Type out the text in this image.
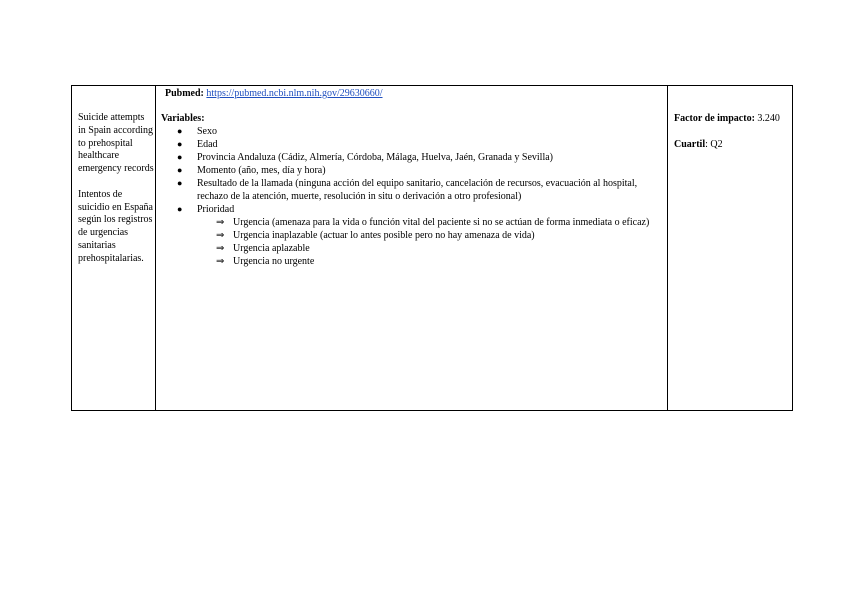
Suicide attempts in Spain according to prehospital healthcare emergency records

Intentos de suicidio en España según los registros de urgencias sanitarias prehospitalarias.

Pubmed: https://pubmed.ncbi.nlm.nih.gov/29630660/
Variables:
● Sexo
● Edad
● Provincia Andaluza (Cádiz, Almería, Córdoba, Málaga, Huelva, Jaén, Granada y Sevilla)
● Momento (año, mes, día y hora)
● Resultado de la llamada (ninguna acción del equipo sanitario, cancelación de recursos, evacuación al hospital, rechazo de la atención, muerte, resolución in situ o derivación a otro profesional)
● Prioridad
⇒ Urgencia (amenaza para la vida o función vital del paciente si no se actúan de forma inmediata o eficaz)
⇒ Urgencia inaplazable (actuar lo antes posible pero no hay amenaza de vida)
⇒ Urgencia aplazable
⇒ Urgencia no urgente

Factor de impacto: 3.240

Cuartil: Q2
